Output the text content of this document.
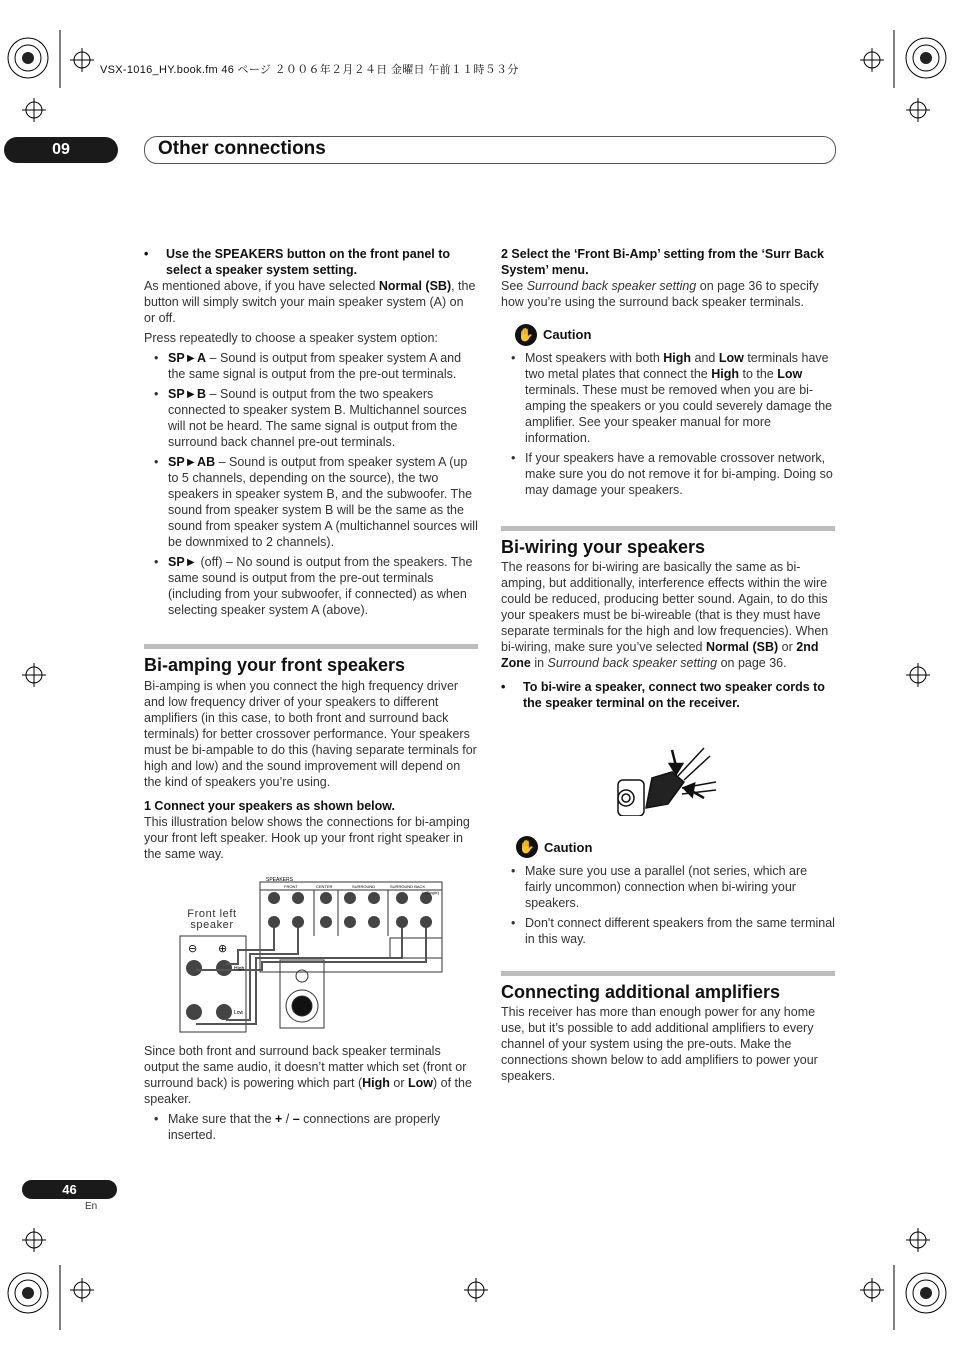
VSX-1016_HY.book.fm 46 ページ ２００６年２月２４日 金曜日 午前１１時５３分
09	Other connections

• Use the SPEAKERS button on the front panel to select a speaker system setting.

As mentioned above, if you have selected Normal (SB), the button will simply switch your main speaker system (A) on or off.

Press repeatedly to choose a speaker system option:

• SP►A – Sound is output from speaker system A and the same signal is output from the pre-out terminals.

• SP►B – Sound is output from the two speakers connected to speaker system B. Multichannel sources will not be heard. The same signal is output from the surround back channel pre-out terminals.

• SP►AB – Sound is output from speaker system A (up to 5 channels, depending on the source), the two speakers in speaker system B, and the subwoofer. The sound from speaker system B will be the same as the sound from speaker system A (multichannel sources will be downmixed to 2 channels).

• SP► (off) – No sound is output from the speakers. The same sound is output from the pre-out terminals (including from your subwoofer, if connected) as when selecting speaker system A (above).

Bi-amping your front speakers

Bi-amping is when you connect the high frequency driver and low frequency driver of your speakers to different amplifiers (in this case, to both front and surround back terminals) for better crossover performance. Your speakers must be bi-ampable to do this (having separate terminals for high and low) and the sound improvement will depend on the kind of speakers you’re using.

1 Connect your speakers as shown below.

This illustration below shows the connections for bi-amping your front left speaker. Hook up your front right speaker in the same way.

SPEAKERS
FRONT	CENTER	SURROUND	SURROUND BACK
L (Single)
High
Low
⊖ ⊕
Front left
speaker

Since both front and surround back speaker terminals output the same audio, it doesn’t matter which set (front or surround back) is powering which part (High or Low) of the speaker.

• Make sure that the + / – connections are properly inserted.

2 Select the ‘Front Bi-Amp’ setting from the ‘Surr Back System’ menu.

See Surround back speaker setting on page 36 to specify how you’re using the surround back speaker terminals.

✋ Caution

• Most speakers with both High and Low terminals have two metal plates that connect the High to the Low terminals. These must be removed when you are bi-amping the speakers or you could severely damage the amplifier. See your speaker manual for more information.

• If your speakers have a removable crossover network, make sure you do not remove it for bi-amping. Doing so may damage your speakers.

Bi-wiring your speakers

The reasons for bi-wiring are basically the same as bi-amping, but additionally, interference effects within the wire could be reduced, producing better sound. Again, to do this your speakers must be bi-wireable (that is they must have separate terminals for the high and low frequencies). When bi-wiring, make sure you’ve selected Normal (SB) or 2nd Zone in Surround back speaker setting on page 36.

• To bi-wire a speaker, connect two speaker cords to the speaker terminal on the receiver.

✋ Caution

• Make sure you use a parallel (not series, which are fairly uncommon) connection when bi-wiring your speakers.

• Don't connect different speakers from the same terminal in this way.

Connecting additional amplifiers

This receiver has more than enough power for any home use, but it’s possible to add additional amplifiers to every channel of your system using the pre-outs. Make the connections shown below to add amplifiers to power your speakers.

46
En
